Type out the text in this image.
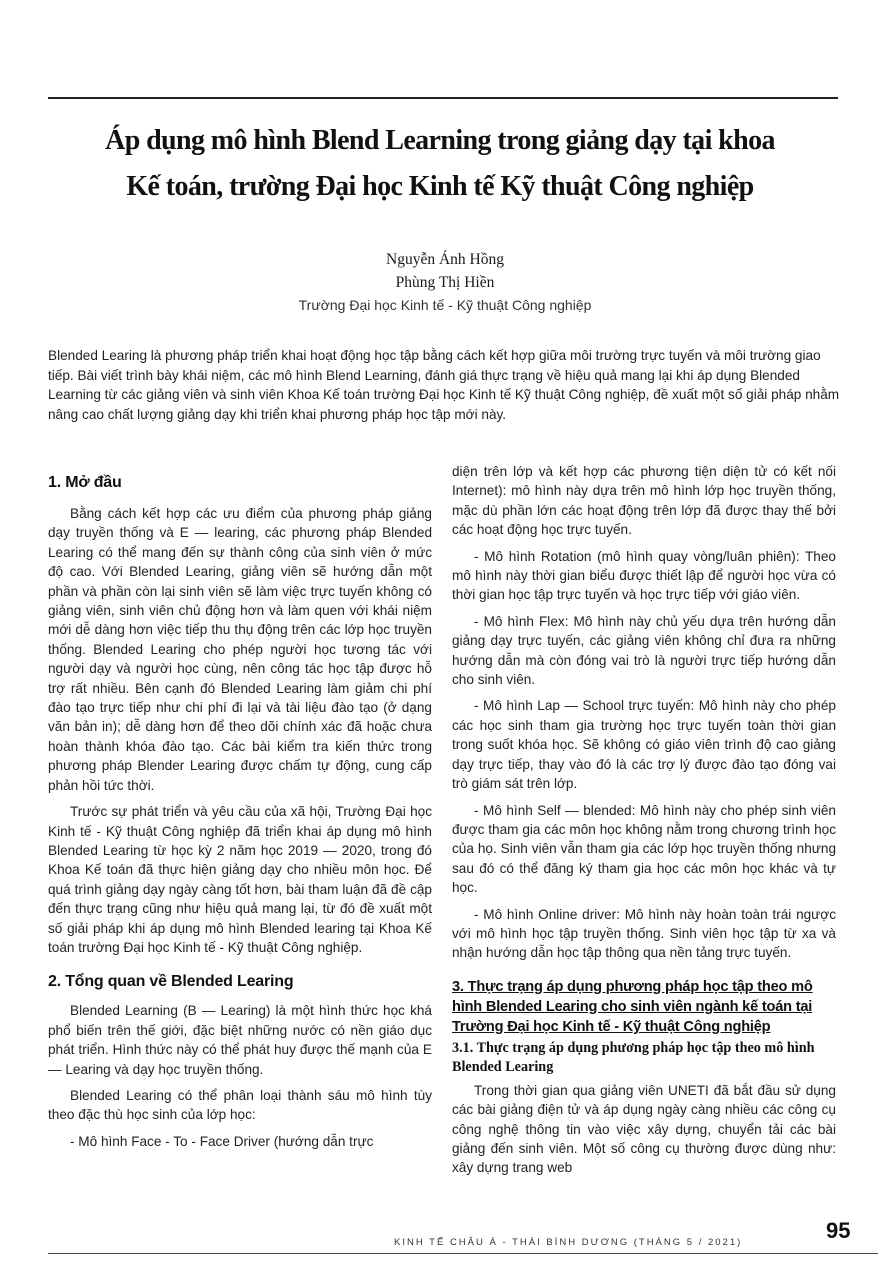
Áp dụng mô hình Blend Learning trong giảng dạy tại khoa
Kế toán, trường Đại học Kinh tế Kỹ thuật Công nghiệp
Nguyễn Ánh Hồng
Phùng Thị Hiền
Trường Đại học Kinh tế - Kỹ thuật Công nghiệp

Blended Learing là phương pháp triển khai hoạt động học tập bằng cách kết hợp giữa môi trường trực tuyến và môi trường giao tiếp. Bài viết trình bày khái niệm, các mô hình Blend Learning, đánh giá thực trạng về hiệu quả mang lại khi áp dụng Blended Learning từ các giảng viên và sinh viên Khoa Kế toán trường Đại học Kinh tế Kỹ thuật Công nghiệp, đề xuất một số giải pháp nhằm nâng cao chất lượng giảng dạy khi triển khai phương pháp học tập mới này.

1. Mở đầu

Bằng cách kết hợp các ưu điểm của phương pháp giảng dạy truyền thống và E — learing, các phương pháp Blended Learing có thể mang đến sự thành công của sinh viên ở mức độ cao. Với Blended Learing, giảng viên sẽ hướng dẫn một phần và phần còn lại sinh viên sẽ làm việc trực tuyến không có giảng viên, sinh viên chủ động hơn và làm quen với khái niệm mới dễ dàng hơn việc tiếp thu thụ động trên các lớp học truyền thống. Blended Learing cho phép người học tương tác với người dạy và người học cùng, nên công tác học tập được hỗ trợ rất nhiều. Bên cạnh đó Blended Learing làm giảm chi phí đào tạo trực tiếp như chi phí đi lại và tài liệu đào tạo (ở dạng văn bản in); dễ dàng hơn để theo dõi chính xác đã hoặc chưa hoàn thành khóa đào tạo. Các bài kiểm tra kiến thức trong phương pháp Blender Learing được chấm tự động, cung cấp phản hồi tức thời.

Trước sự phát triển và yêu cầu của xã hội, Trường Đại học Kinh tế - Kỹ thuật Công nghiệp đã triển khai áp dụng mô hình Blended Learing từ học kỳ 2 năm học 2019 — 2020, trong đó Khoa Kế toán đã thực hiện giảng dạy cho nhiều môn học. Để quá trình giảng dạy ngày càng tốt hơn, bài tham luận đã đề cập đến thực trạng cũng như hiệu quả mang lại, từ đó đề xuất một số giải pháp khi áp dụng mô hình Blended learing tại Khoa Kế toán trường Đại học Kinh tế - Kỹ thuật Công nghiệp.

2. Tổng quan về Blended Learing

Blended Learning (B — Learing) là một hình thức học khá phổ biến trên thế giới, đặc biệt những nước có nền giáo dục phát triển. Hình thức này có thể phát huy được thế mạnh của E — Learing và dạy học truyền thống.

Blended Learing có thể phân loại thành sáu mô hình tùy theo đặc thù học sinh của lớp học:

- Mô hình Face - To - Face Driver (hướng dẫn trực

diện trên lớp và kết hợp các phương tiện diện tử có kết nối Internet): mô hình này dựa trên mô hình lớp học truyền thống, mặc dù phần lớn các hoạt động trên lớp đã được thay thế bởi các hoạt động học trực tuyến.

- Mô hình Rotation (mô hình quay vòng/luân phiên): Theo mô hình này thời gian biểu được thiết lập để người học vừa có thời gian học tập trực tuyến và học trực tiếp với giáo viên.

- Mô hình Flex: Mô hình này chủ yếu dựa trên hướng dẫn giảng dạy trực tuyến, các giảng viên không chỉ đưa ra những hướng dẫn mà còn đóng vai trò là người trực tiếp hướng dẫn cho sinh viên.

- Mô hình Lap — School trực tuyến: Mô hình này cho phép các học sinh tham gia trường học trực tuyến toàn thời gian trong suốt khóa học. Sẽ không có giáo viên trình độ cao giảng dạy trực tiếp, thay vào đó là các trợ lý được đào tạo đóng vai trò giám sát trên lớp.

- Mô hình Self — blended: Mô hình này cho phép sinh viên được tham gia các môn học không nằm trong chương trình học của họ. Sinh viên vẫn tham gia các lớp học truyền thống nhưng sau đó có thể đăng ký tham gia học các môn học khác và tự học.

- Mô hình Online driver: Mô hình này hoàn toàn trái ngược với mô hình học tập truyền thống. Sinh viên học tập từ xa và nhận hướng dẫn học tập thông qua nền tảng trực tuyến.

3. Thực trạng áp dụng phương pháp học tập theo mô hình Blended Learing cho sinh viên ngành kế toán tại Trường Đại học Kinh tế - Kỹ thuật Công nghiệp
3.1. Thực trạng áp dụng phương pháp học tập theo mô hình Blended Learing

Trong thời gian qua giảng viên UNETI đã bắt đầu sử dụng các bài giảng điện tử và áp dụng ngày càng nhiều các công cụ công nghệ thông tin vào việc xây dựng, chuyển tải các bài giảng đến sinh viên. Một số công cụ thường được dùng như: xây dựng trang web

KINH TẾ CHÂU Á - THÁI BÌNH DƯƠNG (THÁNG 5 / 2021)	95
